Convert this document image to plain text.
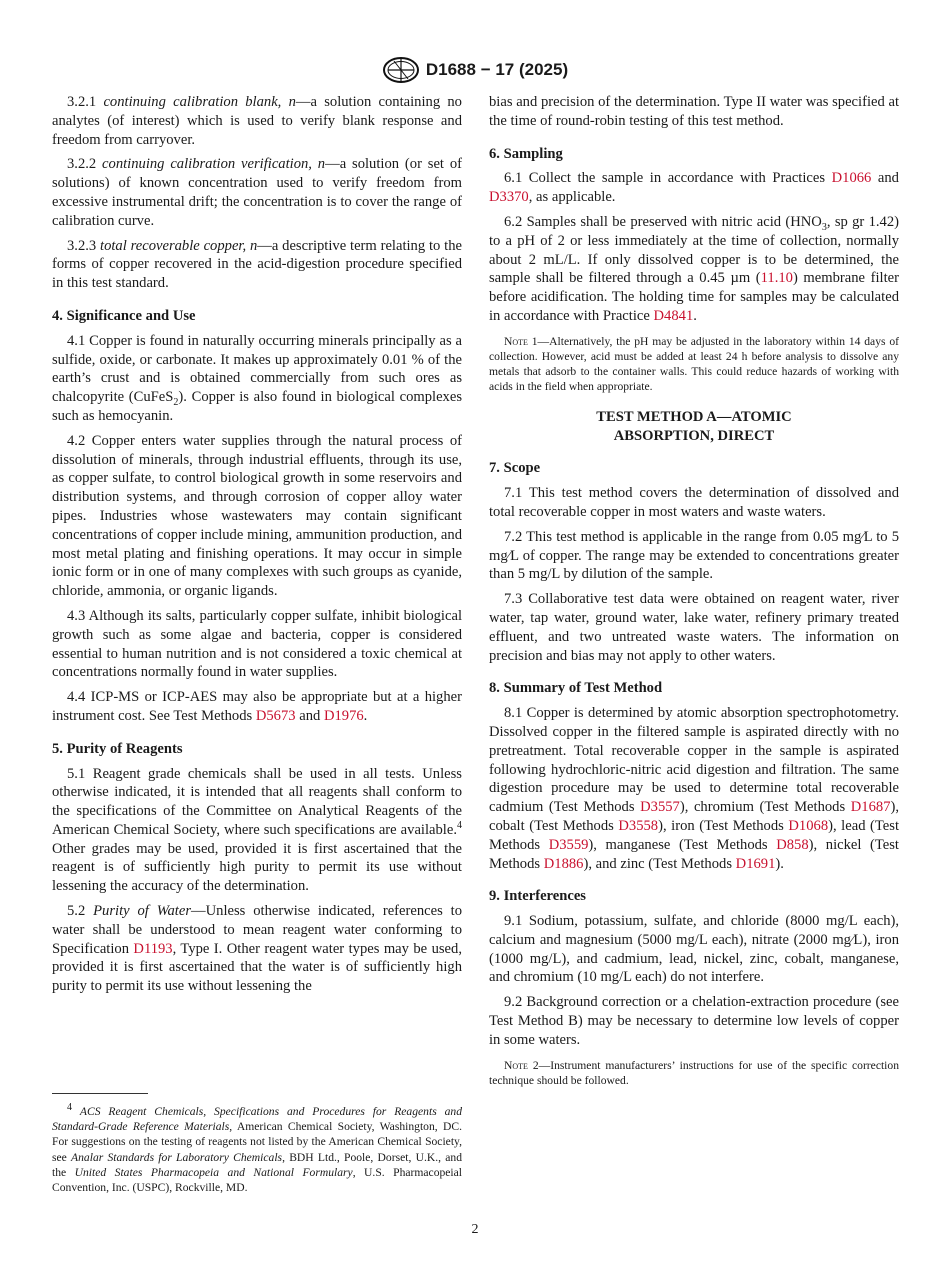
D1688 − 17 (2025)

3.2.1 continuing calibration blank, n—a solution containing no analytes (of interest) which is used to verify blank response and freedom from carryover.

3.2.2 continuing calibration verification, n—a solution (or set of solutions) of known concentration used to verify freedom from excessive instrumental drift; the concentration is to cover the range of calibration curve.

3.2.3 total recoverable copper, n—a descriptive term relating to the forms of copper recovered in the acid-digestion procedure specified in this test standard.

4. Significance and Use

4.1 Copper is found in naturally occurring minerals principally as a sulfide, oxide, or carbonate. It makes up approximately 0.01 % of the earth’s crust and is obtained commercially from such ores as chalcopyrite (CuFeS$_2$). Copper is also found in biological complexes such as hemocyanin.

4.2 Copper enters water supplies through the natural process of dissolution of minerals, through industrial effluents, through its use, as copper sulfate, to control biological growth in some reservoirs and distribution systems, and through corrosion of copper alloy water pipes. Industries whose wastewaters may contain significant concentrations of copper include mining, ammunition production, and most metal plating and finishing operations. It may occur in simple ionic form or in one of many complexes with such groups as cyanide, chloride, ammonia, or organic ligands.

4.3 Although its salts, particularly copper sulfate, inhibit biological growth such as some algae and bacteria, copper is considered essential to human nutrition and is not considered a toxic chemical at concentrations normally found in water supplies.

4.4 ICP-MS or ICP-AES may also be appropriate but at a higher instrument cost. See Test Methods D5673 and D1976.

5. Purity of Reagents

5.1 Reagent grade chemicals shall be used in all tests. Unless otherwise indicated, it is intended that all reagents shall conform to the specifications of the Committee on Analytical Reagents of the American Chemical Society, where such specifications are available.$^4$ Other grades may be used, provided it is first ascertained that the reagent is of sufficiently high purity to permit its use without lessening the accuracy of the determination.

5.2 Purity of Water—Unless otherwise indicated, references to water shall be understood to mean reagent water conforming to Specification D1193, Type I. Other reagent water types may be used, provided it is first ascertained that the water is of sufficiently high purity to permit its use without lessening the

$^4$ ACS Reagent Chemicals, Specifications and Procedures for Reagents and Standard-Grade Reference Materials, American Chemical Society, Washington, DC. For suggestions on the testing of reagents not listed by the American Chemical Society, see Analar Standards for Laboratory Chemicals, BDH Ltd., Poole, Dorset, U.K., and the United States Pharmacopeia and National Formulary, U.S. Pharmacopeial Convention, Inc. (USPC), Rockville, MD.

bias and precision of the determination. Type II water was specified at the time of round-robin testing of this test method.

6. Sampling

6.1 Collect the sample in accordance with Practices D1066 and D3370, as applicable.

6.2 Samples shall be preserved with nitric acid ($HNO_3$, sp gr 1.42) to a pH of 2 or less immediately at the time of collection, normally about 2 mL/L. If only dissolved copper is to be determined, the sample shall be filtered through a 0.45 µm (11.10) membrane filter before acidification. The holding time for samples may be calculated in accordance with Practice D4841.

Note 1—Alternatively, the pH may be adjusted in the laboratory within 14 days of collection. However, acid must be added at least 24 h before analysis to dissolve any metals that adsorb to the container walls. This could reduce hazards of working with acids in the field when appropriate.
TEST METHOD A—ATOMIC
ABSORPTION, DIRECT
7. Scope

7.1 This test method covers the determination of dissolved and total recoverable copper in most waters and waste waters.

7.2 This test method is applicable in the range from 0.05 mg⁄L to 5 mg⁄L of copper. The range may be extended to concentrations greater than 5 mg/L by dilution of the sample.

7.3 Collaborative test data were obtained on reagent water, river water, tap water, ground water, lake water, refinery primary treated effluent, and two untreated waste waters. The information on precision and bias may not apply to other waters.

8. Summary of Test Method

8.1 Copper is determined by atomic absorption spectrophotometry. Dissolved copper in the filtered sample is aspirated directly with no pretreatment. Total recoverable copper in the sample is aspirated following hydrochloric-nitric acid digestion and filtration. The same digestion procedure may be used to determine total recoverable cadmium (Test Methods D3557), chromium (Test Methods D1687), cobalt (Test Methods D3558), iron (Test Methods D1068), lead (Test Methods D3559), manganese (Test Methods D858), nickel (Test Methods D1886), and zinc (Test Methods D1691).

9. Interferences

9.1 Sodium, potassium, sulfate, and chloride (8000 mg/L each), calcium and magnesium (5000 mg/L each), nitrate (2000 mg⁄L), iron (1000 mg/L), and cadmium, lead, nickel, zinc, cobalt, manganese, and chromium (10 mg/L each) do not interfere.

9.2 Background correction or a chelation-extraction procedure (see Test Method B) may be necessary to determine low levels of copper in some waters.

Note 2—Instrument manufacturers’ instructions for use of the specific correction technique should be followed.
2
